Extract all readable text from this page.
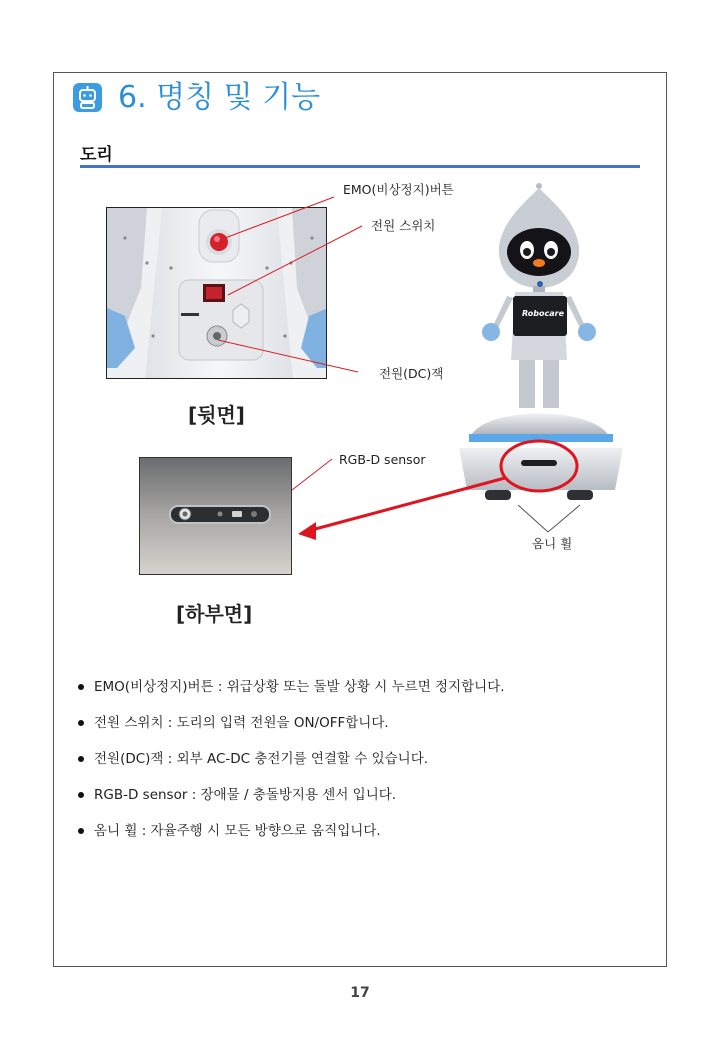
6. 명칭 및 기능
도리
Robocare
EMO(비상정지)버튼
전원 스위치
전원(DC)잭
RGB-D sensor
옴니 휠
[뒷면]
[하부면]
EMO(비상정지)버튼 : 위급상황 또는 돌발 상황 시 누르면 정지합니다.
전원 스위치 : 도리의 입력 전원을 ON/OFF합니다.
전원(DC)잭 : 외부 AC-DC 충전기를 연결할 수 있습니다.
RGB-D sensor : 장애물 / 충돌방지용 센서 입니다.
옴니 휠 : 자율주행 시 모든 방향으로 움직입니다.
17
